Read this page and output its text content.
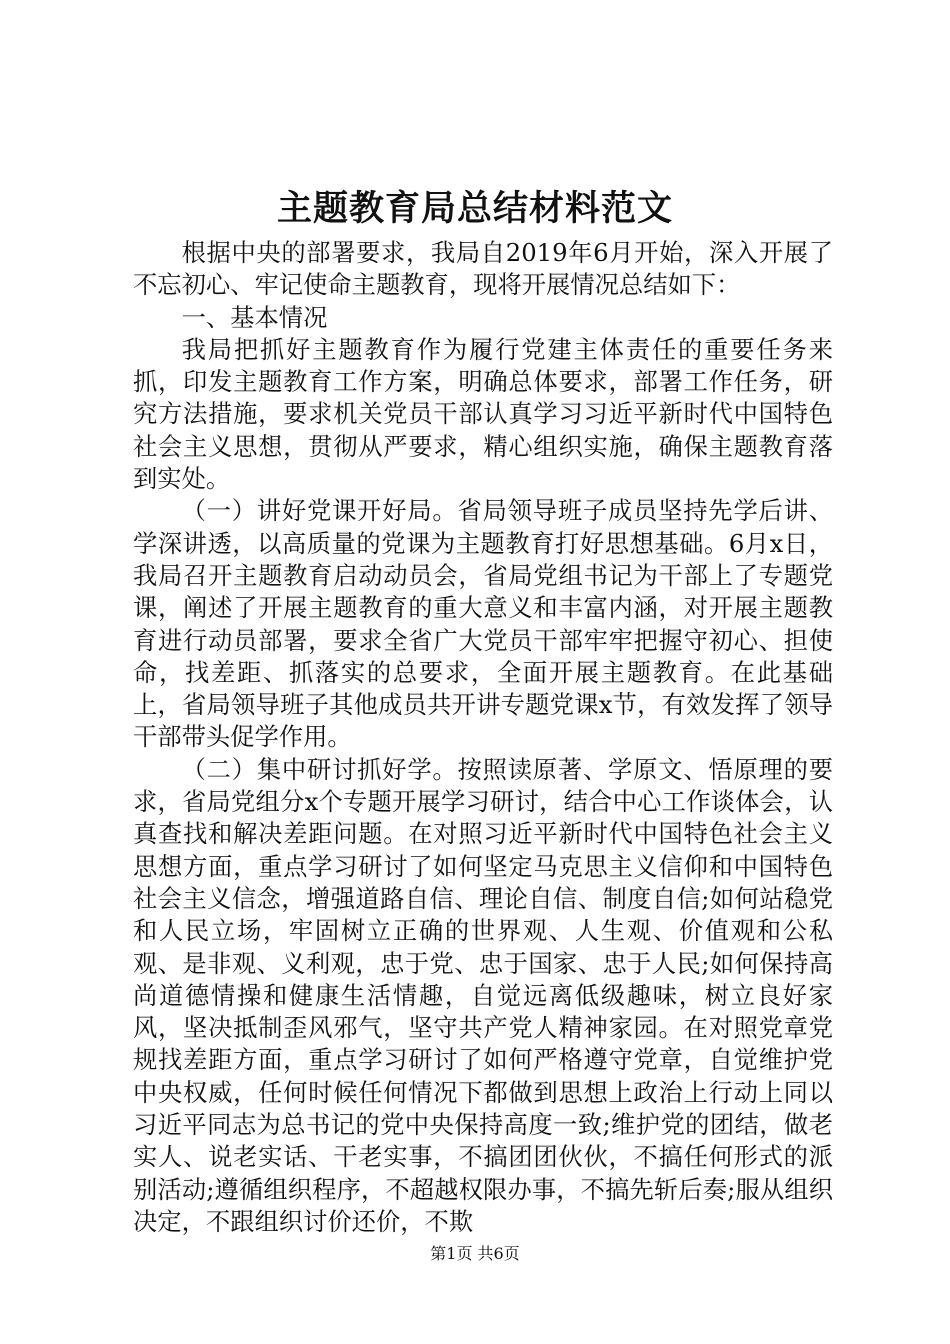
主题教育局总结材料范文

根据中央的部署要求，我局自2019年6月开始，深入开展了不忘初心、牢记使命主题教育，现将开展情况总结如下：

一、基本情况

我局把抓好主题教育作为履行党建主体责任的重要任务来抓，印发主题教育工作方案，明确总体要求，部署工作任务，研究方法措施，要求机关党员干部认真学习习近平新时代中国特色社会主义思想，贯彻从严要求，精心组织实施，确保主题教育落到实处。

（一）讲好党课开好局。省局领导班子成员坚持先学后讲、学深讲透，以高质量的党课为主题教育打好思想基础。6月x日，我局召开主题教育启动动员会，省局党组书记为干部上了专题党课，阐述了开展主题教育的重大意义和丰富内涵，对开展主题教育进行动员部署，要求全省广大党员干部牢牢把握守初心、担使命，找差距、抓落实的总要求，全面开展主题教育。在此基础上，省局领导班子其他成员共开讲专题党课x节，有效发挥了领导干部带头促学作用。

（二）集中研讨抓好学。按照读原著、学原文、悟原理的要求，省局党组分x个专题开展学习研讨，结合中心工作谈体会，认真查找和解决差距问题。在对照习近平新时代中国特色社会主义思想方面，重点学习研讨了如何坚定马克思主义信仰和中国特色社会主义信念，增强道路自信、理论自信、制度自信;如何站稳党和人民立场，牢固树立正确的世界观、人生观、价值观和公私观、是非观、义利观，忠于党、忠于国家、忠于人民;如何保持高尚道德情操和健康生活情趣，自觉远离低级趣味，树立良好家风，坚决抵制歪风邪气，坚守共产党人精神家园。在对照党章党规找差距方面，重点学习研讨了如何严格遵守党章，自觉维护党中央权威，任何时候任何情况下都做到思想上政治上行动上同以习近平同志为总书记的党中央保持高度一致;维护党的团结，做老实人、说老实话、干老实事，不搞团团伙伙，不搞任何形式的派别活动;遵循组织程序，不超越权限办事，不搞先斩后奏;服从组织决定，不跟组织讨价还价，不欺

第1页 共6页
